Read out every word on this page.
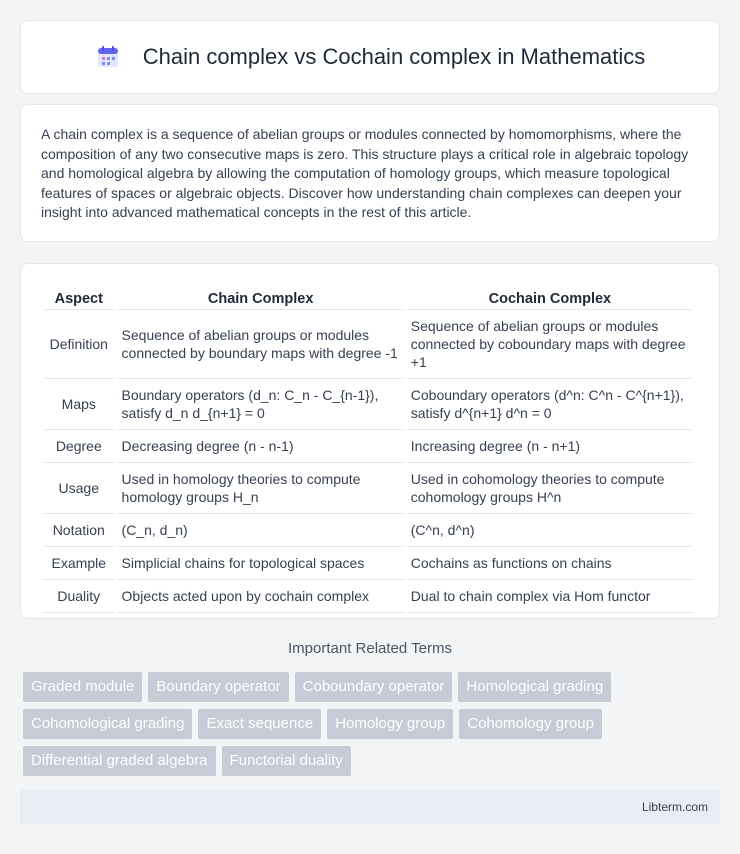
Chain complex vs Cochain complex in Mathematics

A chain complex is a sequence of abelian groups or modules connected by homomorphisms, where the composition of any two consecutive maps is zero. This structure plays a critical role in algebraic topology and homological algebra by allowing the computation of homology groups, which measure topological features of spaces or algebraic objects. Discover how understanding chain complexes can deepen your insight into advanced mathematical concepts in the rest of this article.

Aspect	Chain Complex	Cochain Complex
Definition	Sequence of abelian groups or modules connected by boundary maps with degree -1	Sequence of abelian groups or modules connected by coboundary maps with degree +1
Maps	Boundary operators (d_n: C_n - C_{n-1}), satisfy d_n d_{n+1} = 0	Coboundary operators (d^n: C^n - C^{n+1}), satisfy d^{n+1} d^n = 0
Degree	Decreasing degree (n - n-1)	Increasing degree (n - n+1)
Usage	Used in homology theories to compute homology groups H_n	Used in cohomology theories to compute cohomology groups H^n
Notation	(C_n, d_n)	(C^n, d^n)
Example	Simplicial chains for topological spaces	Cochains as functions on chains
Duality	Objects acted upon by cochain complex	Dual to chain complex via Hom functor
Important Related Terms
Graded module	Boundary operator	Coboundary operator	Homological grading
Cohomological grading	Exact sequence	Homology group	Cohomology group
Differential graded algebra	Functorial duality
Libterm.com
